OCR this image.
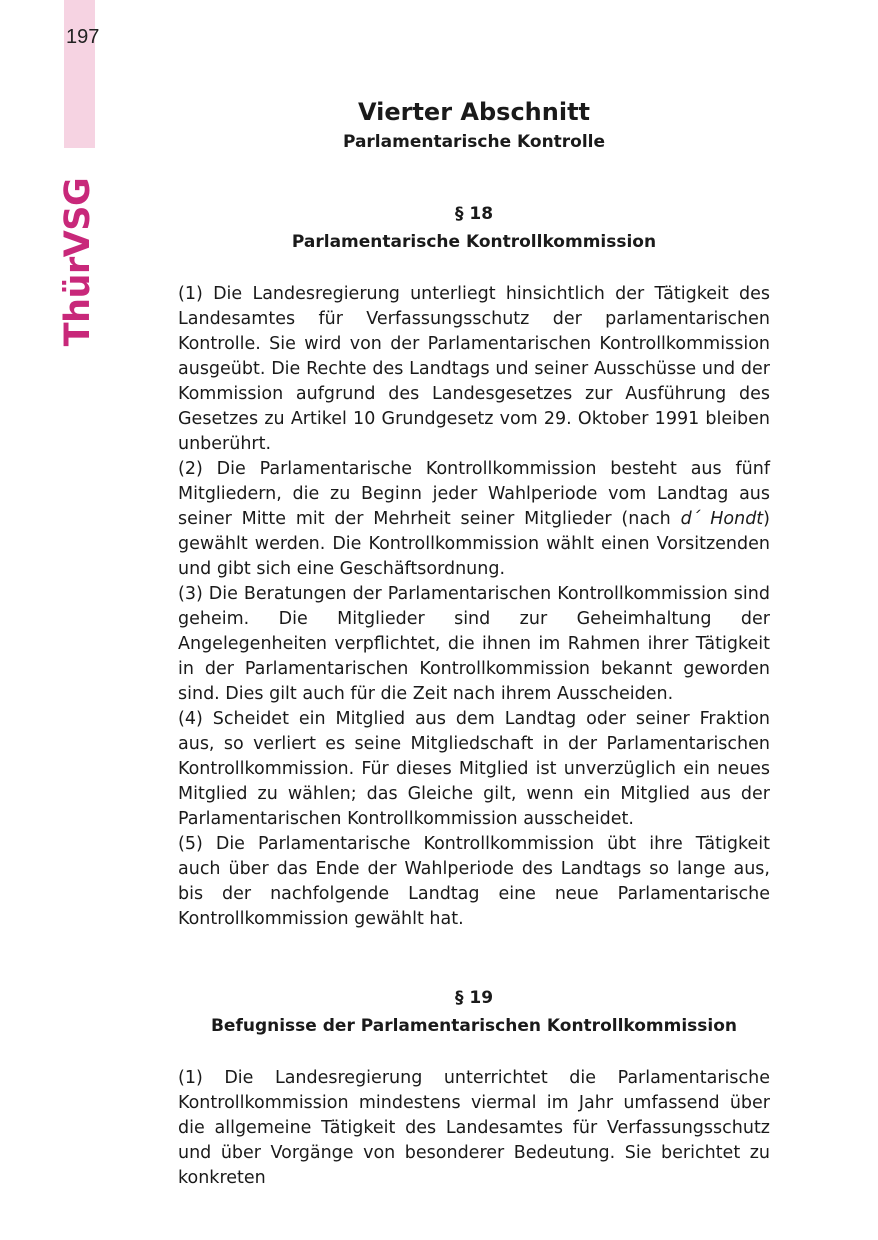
197
ThürVSG
Vierter Abschnitt
Parlamentarische Kontrolle
§ 18
Parlamentarische Kontrollkommission

(1) Die Landesregierung unterliegt hinsichtlich der Tätigkeit des Landesamtes für Verfassungsschutz der parlamentarischen Kontrolle. Sie wird von der Parlamentarischen Kontrollkommission ausgeübt. Die Rechte des Landtags und seiner Ausschüsse und der Kommission aufgrund des Landesgesetzes zur Ausführung des Gesetzes zu Artikel 10 Grundgesetz vom 29. Oktober 1991 bleiben unberührt.

(2) Die Parlamentarische Kontrollkommission besteht aus fünf Mitgliedern, die zu Beginn jeder Wahlperiode vom Landtag aus seiner Mitte mit der Mehrheit seiner Mitglieder (nach d´ Hondt) gewählt werden. Die Kontrollkommission wählt einen Vorsitzenden und gibt sich eine Geschäftsordnung.

(3) Die Beratungen der Parlamentarischen Kontrollkommission sind geheim. Die Mitglieder sind zur Geheimhaltung der Angelegenheiten verpflichtet, die ihnen im Rahmen ihrer Tätigkeit in der Parlamentarischen Kontrollkommission bekannt geworden sind. Dies gilt auch für die Zeit nach ihrem Ausscheiden.

(4) Scheidet ein Mitglied aus dem Landtag oder seiner Fraktion aus, so verliert es seine Mitgliedschaft in der Parlamentarischen Kontrollkommission. Für dieses Mitglied ist unverzüglich ein neues Mitglied zu wählen; das Gleiche gilt, wenn ein Mitglied aus der Parlamentarischen Kontrollkommission ausscheidet.

(5) Die Parlamentarische Kontrollkommission übt ihre Tätigkeit auch über das Ende der Wahlperiode des Landtags so lange aus, bis der nachfolgende Landtag eine neue Parlamentarische Kontrollkommission gewählt hat.

§ 19
Befugnisse der Parlamentarischen Kontrollkommission

(1) Die Landesregierung unterrichtet die Parlamentarische Kontrollkommission mindestens viermal im Jahr umfassend über die allgemeine Tätigkeit des Landesamtes für Verfassungsschutz und über Vorgänge von besonderer Bedeutung. Sie berichtet zu konkreten
